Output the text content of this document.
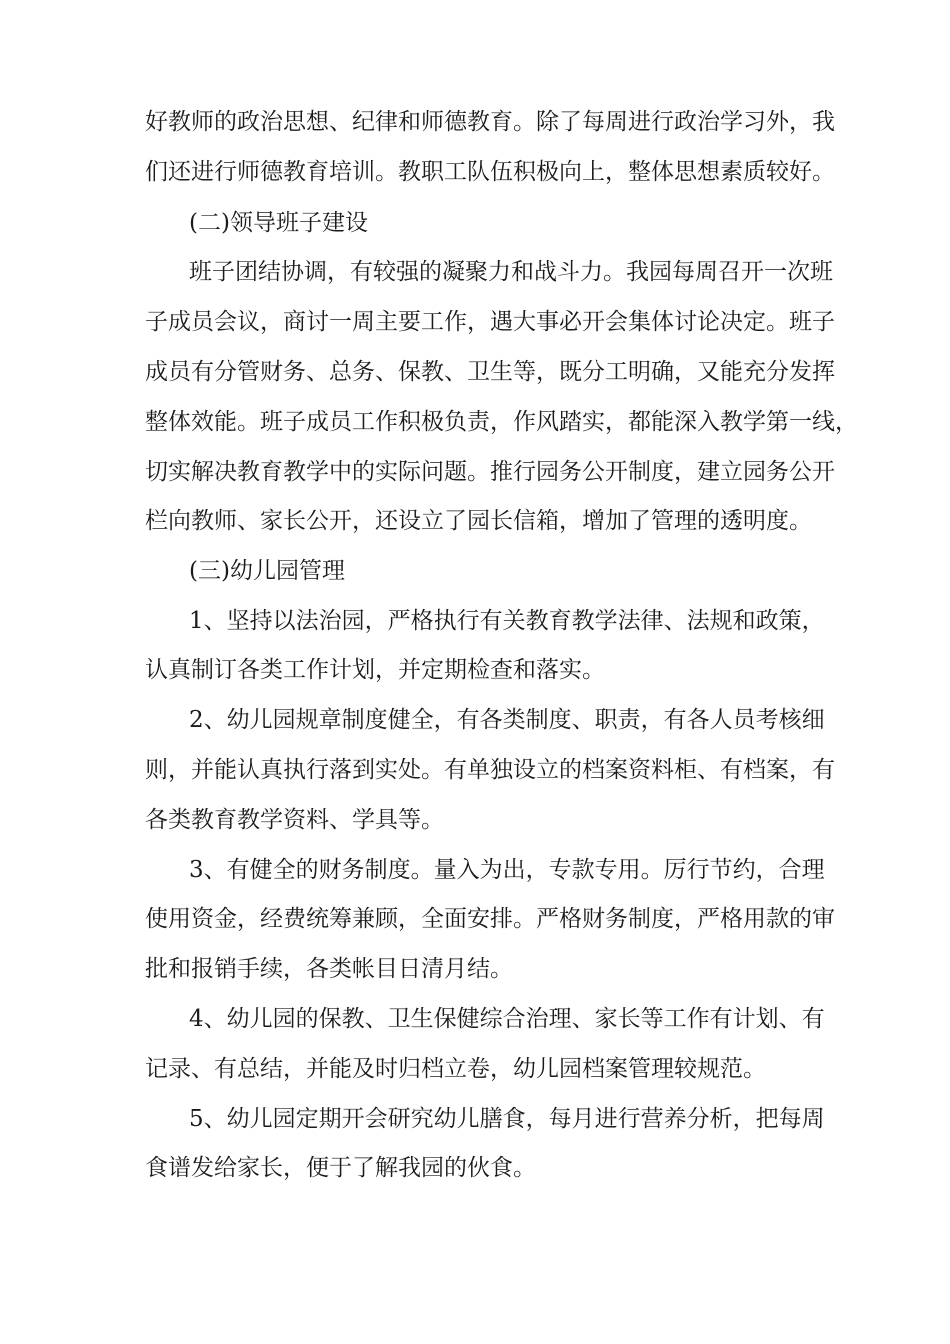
好教师的政治思想、纪律和师德教育。除了每周进行政治学习外，我
们还进行师德教育培训。教职工队伍积极向上，整体思想素质较好。
(二)领导班子建设
班子团结协调，有较强的凝聚力和战斗力。我园每周召开一次班
子成员会议，商讨一周主要工作，遇大事必开会集体讨论决定。班子
成员有分管财务、总务、保教、卫生等，既分工明确，又能充分发挥
整体效能。班子成员工作积极负责，作风踏实，都能深入教学第一线，
切实解决教育教学中的实际问题。推行园务公开制度，建立园务公开
栏向教师、家长公开，还设立了园长信箱，增加了管理的透明度。
(三)幼儿园管理
1、坚持以法治园，严格执行有关教育教学法律、法规和政策，
认真制订各类工作计划，并定期检查和落实。
2、幼儿园规章制度健全，有各类制度、职责，有各人员考核细
则，并能认真执行落到实处。有单独设立的档案资料柜、有档案，有
各类教育教学资料、学具等。
3、有健全的财务制度。量入为出，专款专用。厉行节约，合理
使用资金，经费统筹兼顾，全面安排。严格财务制度，严格用款的审
批和报销手续，各类帐目日清月结。
4、幼儿园的保教、卫生保健综合治理、家长等工作有计划、有
记录、有总结，并能及时归档立卷，幼儿园档案管理较规范。
5、幼儿园定期开会研究幼儿膳食，每月进行营养分析，把每周
食谱发给家长，便于了解我园的伙食。
